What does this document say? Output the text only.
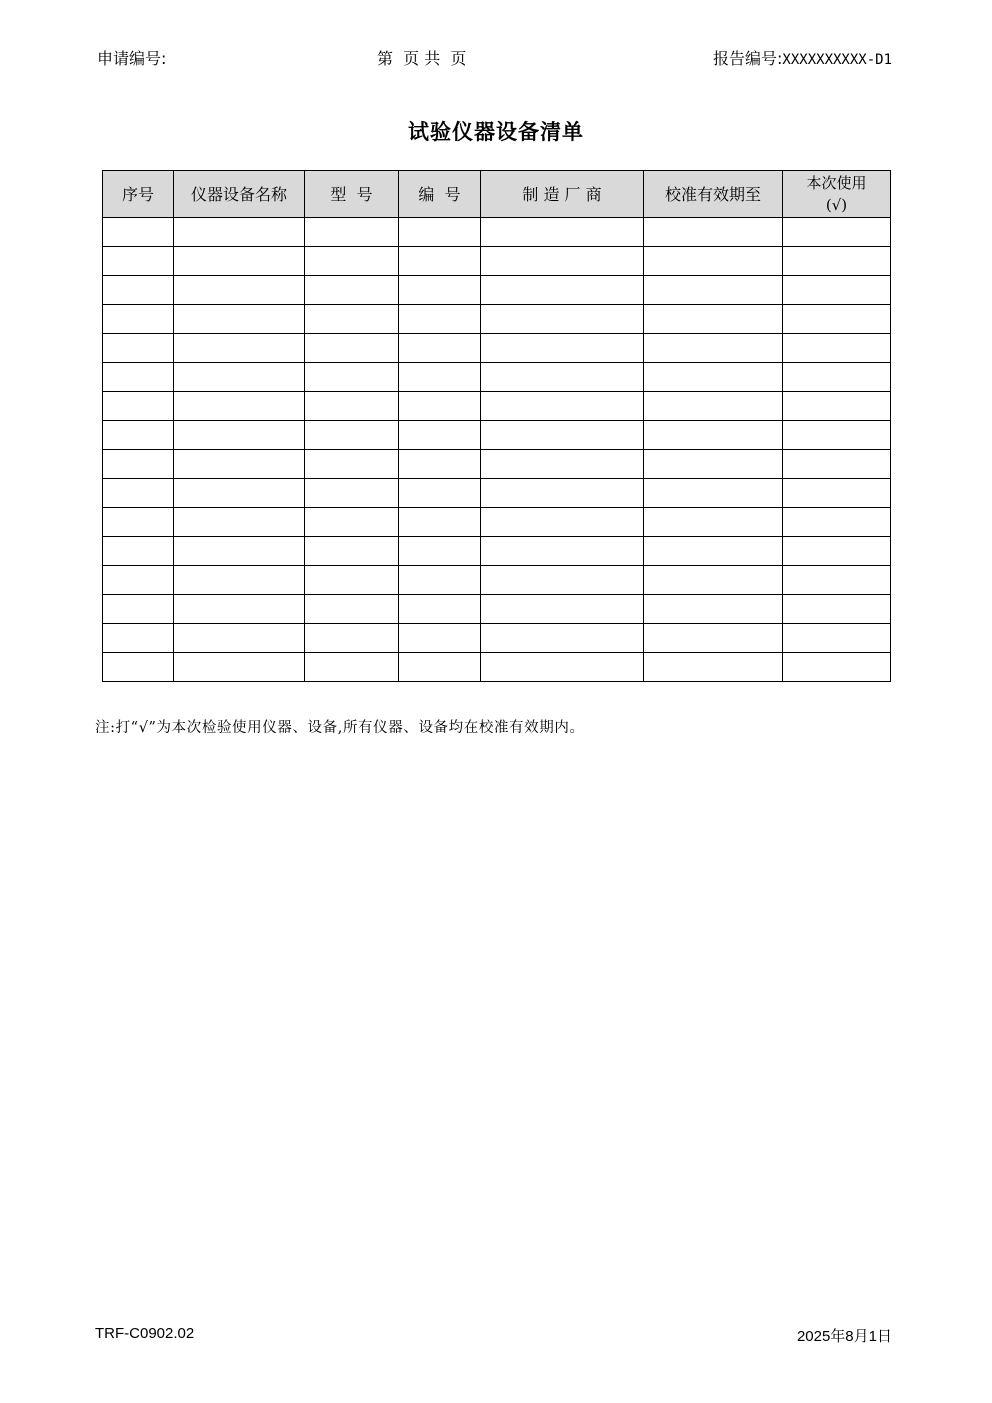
申请编号:	第  页 共  页	报告编号:XXXXXXXXXX-D1
试验仪器设备清单
序号	仪器设备名称	型  号	编  号	制 造 厂 商	校准有效期至	本次使用
(√)

注:打“√”为本次检验使用仪器、设备,所有仪器、设备均在校准有效期内。
TRF-C0902.02	2025年8月1日
